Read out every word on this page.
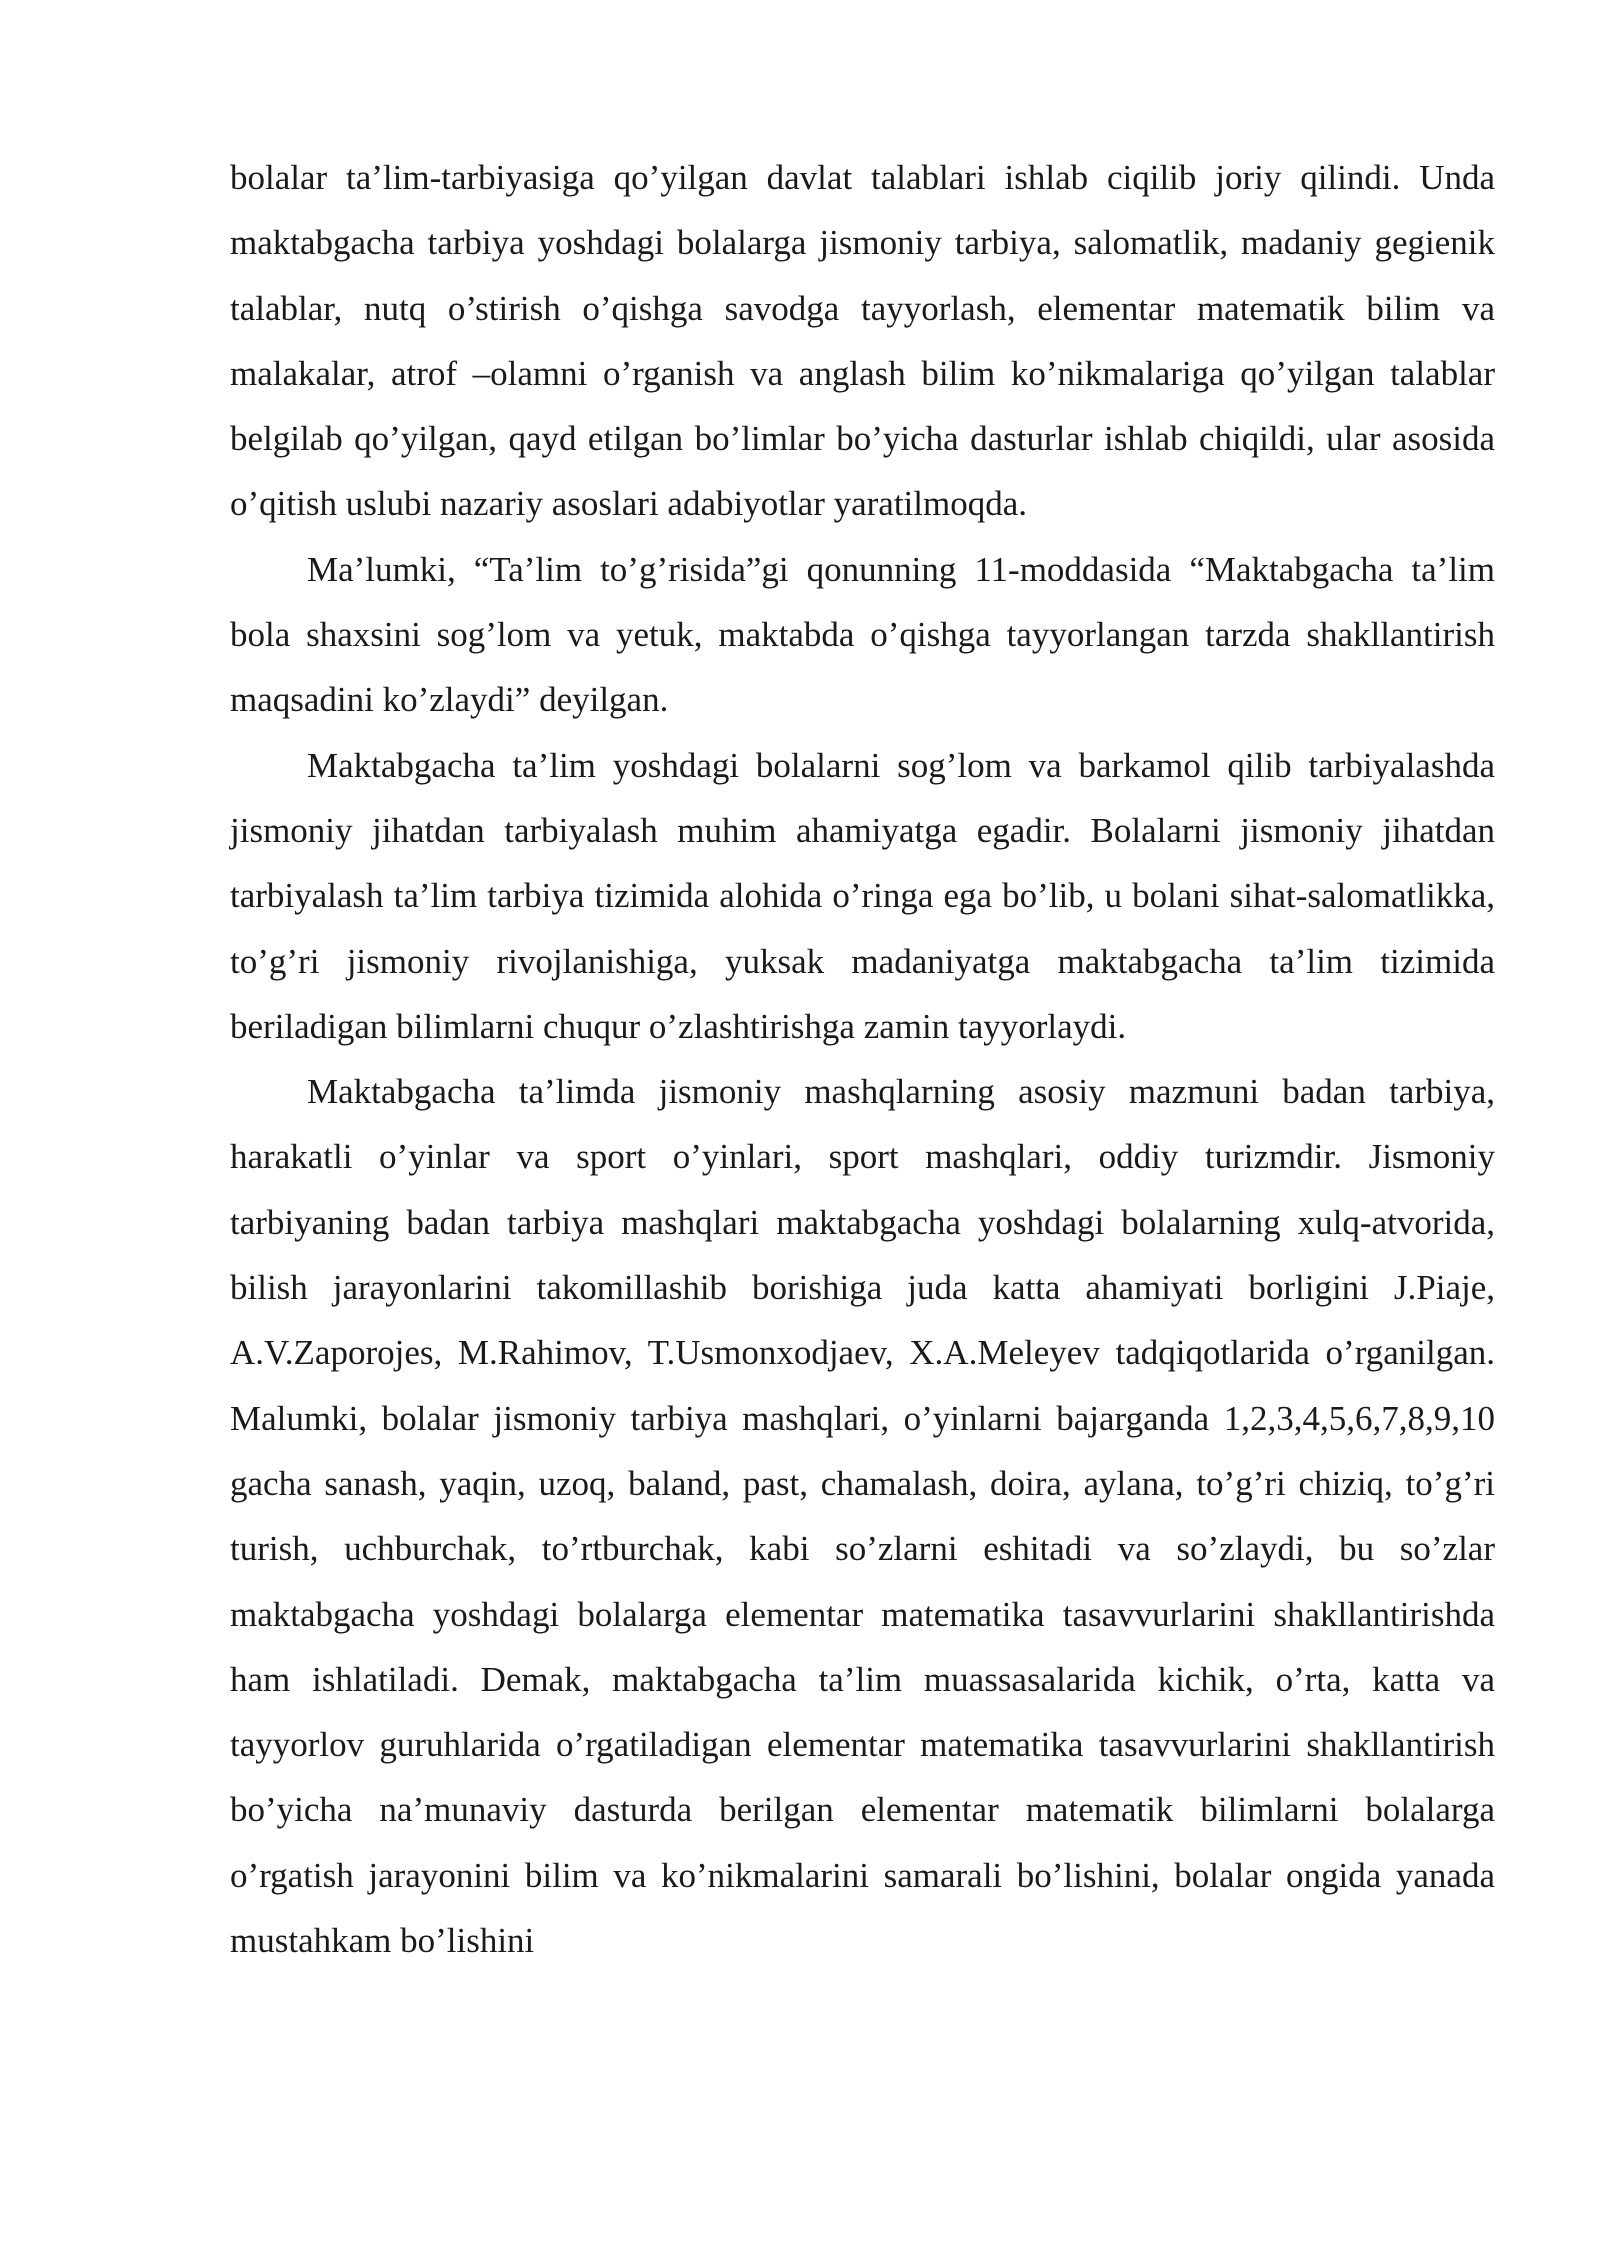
bolalar ta’lim-tarbiyasiga qo’yilgan davlat talablari ishlab ciqilib joriy qilindi. Unda maktabgacha tarbiya yoshdagi bolalarga jismoniy tarbiya, salomatlik, madaniy gegienik talablar, nutq o’stirish o’qishga savodga tayyorlash, elementar matematik bilim va malakalar, atrof –olamni o’rganish va anglash bilim ko’nikmalariga qo’yilgan talablar belgilab qo’yilgan, qayd etilgan bo’limlar bo’yicha dasturlar ishlab chiqildi, ular asosida o’qitish uslubi nazariy asoslari adabiyotlar yaratilmoqda.

Ma’lumki, “Ta’lim to’g’risida”gi qonunning 11-moddasida “Maktabgacha ta’lim bola shaxsini sog’lom va yetuk, maktabda o’qishga tayyorlangan tarzda shakllantirish maqsadini ko’zlaydi” deyilgan.

Maktabgacha ta’lim yoshdagi bolalarni sog’lom va barkamol qilib tarbiyalashda jismoniy jihatdan tarbiyalash muhim ahamiyatga egadir. Bolalarni jismoniy jihatdan tarbiyalash ta’lim tarbiya tizimida alohida o’ringa ega bo’lib, u bolani sihat-salomatlikka, to’g’ri jismoniy rivojlanishiga, yuksak madaniyatga maktabgacha ta’lim tizimida beriladigan bilimlarni chuqur o’zlashtirishga zamin tayyorlaydi.

Maktabgacha ta’limda jismoniy mashqlarning asosiy mazmuni badan tarbiya, harakatli o’yinlar va sport o’yinlari, sport mashqlari, oddiy turizmdir. Jismoniy tarbiyaning badan tarbiya mashqlari maktabgacha yoshdagi bolalarning xulq-atvorida, bilish jarayonlarini takomillashib borishiga juda katta ahamiyati borligini J.Piaje, A.V.Zaporojes, M.Rahimov, T.Usmonxodjaev, X.A.Meleyev tadqiqotlarida o’rganilgan. Malumki, bolalar jismoniy tarbiya mashqlari, o’yinlarni bajarganda 1,2,3,4,5,6,7,8,9,10 gacha sanash, yaqin, uzoq, baland, past, chamalash, doira, aylana, to’g’ri chiziq, to’g’ri turish, uchburchak, to’rtburchak, kabi so’zlarni eshitadi va so’zlaydi, bu so’zlar maktabgacha yoshdagi bolalarga elementar matematika tasavvurlarini shakllantirishda ham ishlatiladi. Demak, maktabgacha ta’lim muassasalarida kichik, o’rta, katta va tayyorlov guruhlarida o’rgatiladigan elementar matematika tasavvurlarini shakllantirish bo’yicha na’munaviy dasturda berilgan elementar matematik bilimlarni bolalarga o’rgatish jarayonini bilim va ko’nikmalarini samarali bo’lishini, bolalar ongida yanada mustahkam bo’lishini
